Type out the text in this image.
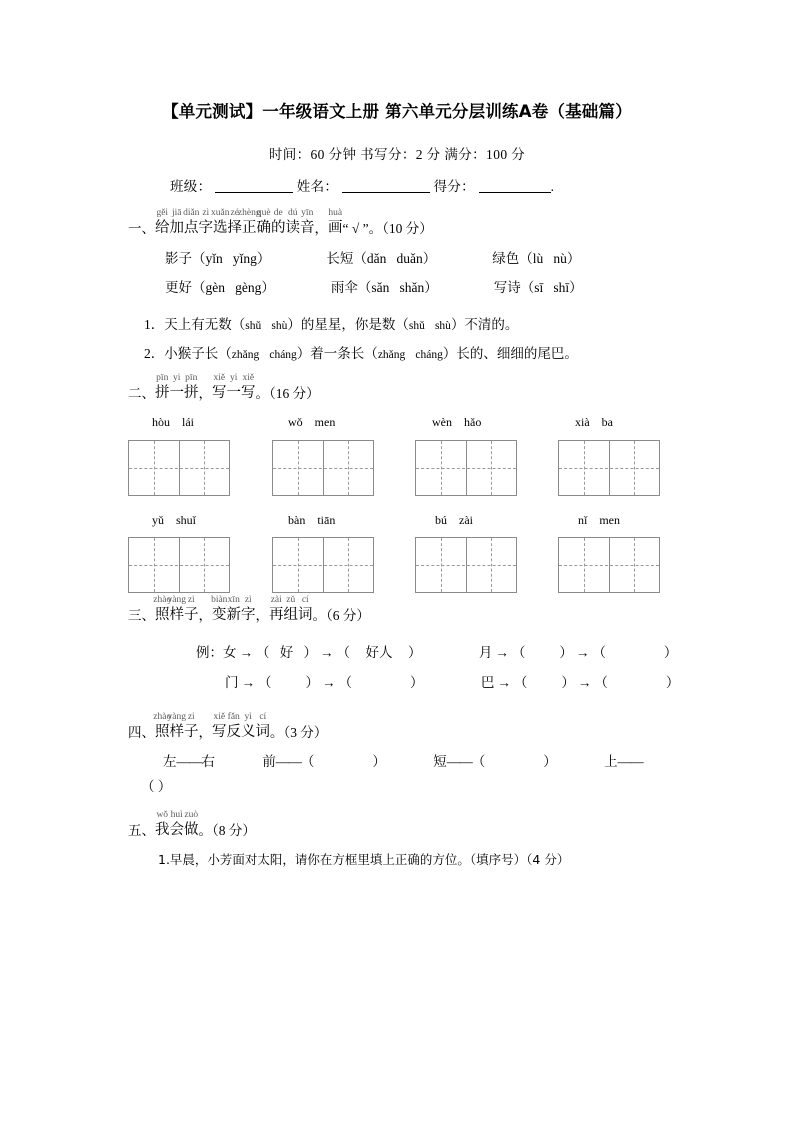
【单元测试】一年级语文上册 第六单元分层训练A卷（基础篇）
时间：60 分钟 书写分：2 分 满分：100 分
班级：	姓名：	得分：	.
一、
gěi
给
jiā
加
diǎn
点
zì
字
xuǎn
选
zé
择
zhèng
正
què
确
de
的
dú
读
yīn
音 ，
huà
画 “ √ ”。（10 分）
影子（yǐn yǐng）	长短（dǎn duǎn）	绿色（lù nù）
更好（gèn gèng）	雨伞（sǎn shǎn）	写诗（sī shī）
1．天上有无数（shǔ shù）的星星，你是数（shǔ shù）不清的。
2．小猴子长（zhǎng cháng）着一条长（zhǎng cháng）长的、细细的尾巴。
二、
pīn
拼
yi
一
pīn
拼 ，
xiě
写
yi
一
xiě
写 。（16 分）
hòu lái	wǒ men	wèn hǎo	xià ba
yǔ shuǐ	bàn tiān	bú zài	nǐ men
三、
zhào
照
yàng
样
zi
子 ，
biàn
变
xīn
新
zì
字 ，
zài
再
zǔ
组
cí
词 。（6 分）
例：女 → （ 好 ） → （ 好人 ）	月 → （	） → （	）
门 → （	） → （	）	巴 → （	） → （	）
四、
zhào
照
yàng
样
zi
子 ，
xiě
写
fǎn
反
yì
义
cí
词 。（3 分）
左——右	前——（	）	短——（	）	上——
（ ）
五、
wǒ
我
huì
会
zuò
做 。（8 分）
1.早晨，小芳面对太阳，请你在方框里填上正确的方位。（填序号）（4 分）
